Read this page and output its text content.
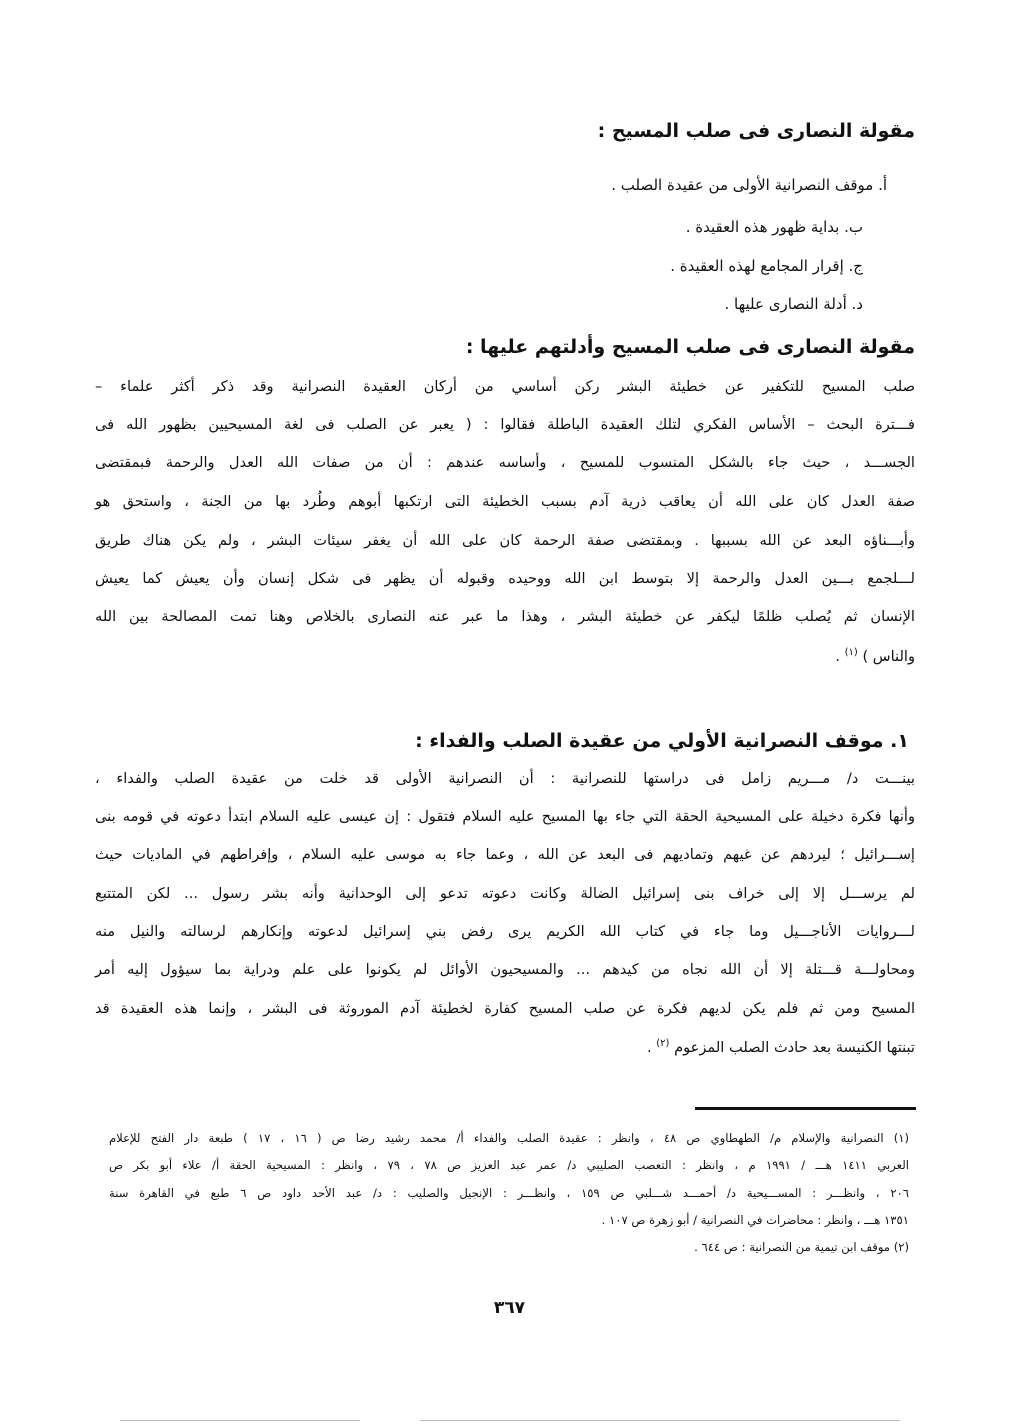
مقولة النصارى فى صلب المسيح :
أ. موقف النصرانية الأولى من عقيدة الصلب .
ب. بداية ظهور هذه العقيدة .
ج. إقرار المجامع لهذه العقيدة .
د. أدلة النصارى عليها .
مقولة النصارى فى صلب المسيح وأدلتهم عليها :
صلب المسيح للتكفير عن خطيئة البشر ركن أساسي من أركان العقيدة النصرانية وقد ذكر أكثر علماء –
فـــترة البحث – الأساس الفكري لتلك العقيدة الباطلة فقالوا : ( يعبر عن الصلب فى لغة المسيحيين بظهور الله فى
الجســـد ، حيث جاء بالشكل المنسوب للمسيح ، وأساسه عندهم : أن من صفات الله العدل والرحمة فبمقتضى
صفة العدل كان على الله أن يعاقب ذرية آدم بسبب الخطيئة التى ارتكبها أبوهم وطُرد بها من الجنة ، واستحق هو
وأبـــناؤه البعد عن الله بسببها . وبمقتضى صفة الرحمة كان على الله أن يغفر سيئات البشر ، ولم يكن هناك طريق
لـــلجمع بـــين العدل والرحمة إلا بتوسط ابن الله ووحيده وقبوله أن يظهر فى شكل إنسان وأن يعيش كما يعيش
الإنسان ثم يُصلب ظلمًا ليكفر عن خطيئة البشر ، وهذا ما عبر عنه النصارى بالخلاص وهنا تمت المصالحة بين الله
والناس ) $^{(١)}$ .
١. موقف النصرانية الأولي من عقيدة الصلب والفداء :
بينـــت د/ مـــريم زامل فى دراستها للنصرانية : أن النصرانية الأولى قد خلت من عقيدة الصلب والفداء ،
وأنها فكرة دخيلة على المسيحية الحقة التي جاء بها المسيح عليه السلام فتقول : إن عيسى عليه السلام ابتدأ دعوته في قومه بنى
إســـرائيل ؛ ليردهم عن غيهم وتماديهم فى البعد عن الله ، وعما جاء به موسى عليه السلام ، وإفراطهم في الماديات حيث
لم يرســـل إلا إلى خراف بنى إسرائيل الضالة وكانت دعوته تدعو إلى الوحدانية وأنه بشر رسول ... لكن المتتبع
لـــروايات الأناجـــيل وما جاء في كتاب الله الكريم يرى رفض بني إسرائيل لدعوته وإنكارهم لرسالته والنيل منه
ومحاولـــة قـــتلة إلا أن الله نجاه من كيدهم ... والمسيحيون الأوائل لم يكونوا على علم ودراية بما سيؤول إليه أمر
المسيح ومن ثم فلم يكن لديهم فكرة عن صلب المسيح كفارة لخطيئة آدم الموروثة فى البشر ، وإنما هذه العقيدة قد
تبنتها الكنيسة بعد حادث الصلب المزعوم $^{(٢)}$ .
(١) النصرانية والإسلام م/ الطهطاوي ص ٤٨ ، وانظر : عقيدة الصلب والفداء أ/ محمد رشيد رضا ص ( ١٦ ، ١٧ ) طبعة دار الفتح للإعلام
العربي ١٤١١ هـــ / ١٩٩١ م ، وانظر : التعصب الصليبي د/ عمر عبد العزيز ص ٧٨ ، ٧٩ ، وانظر : المسيحية الحقة أ/ علاء أبو بكر ص
٢٠٦ ، وانظـــر : المســـيحية د/ أحمـــد شـــلبي ص ١٥٩ ، وانظـــر : الإنجيل والصليب : د/ عبد الأحد داود ص ٦ طبع في القاهرة سنة
١٣٥١ هـــ ، وانظر : محاضرات في النصرانية / أبو زهرة ص ١٠٧ .
(٢) موقف ابن تيمية من النصرانية : ص ٦٤٤ .
٣٦٧
